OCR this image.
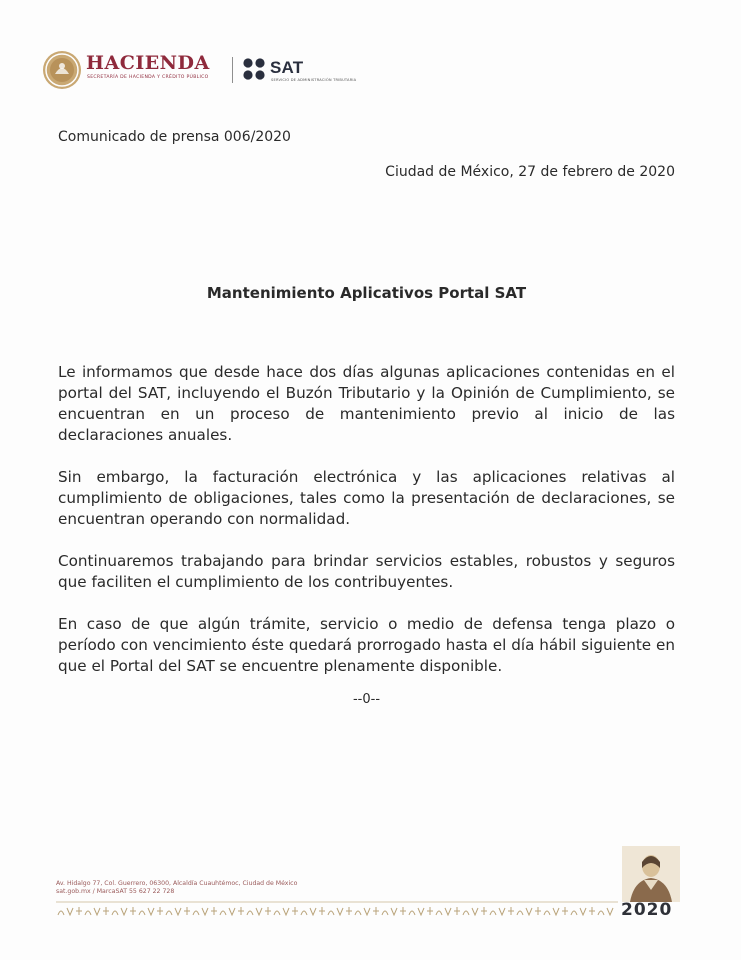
HACIENDA
SECRETARÍA DE HACIENDA Y CRÉDITO PÚBLICO
SAT
SERVICIO DE ADMINISTRACIÓN TRIBUTARIA
Comunicado de prensa 006/2020
Ciudad de México, 27 de febrero de 2020
Mantenimiento Aplicativos Portal SAT

Le informamos que desde hace dos días algunas aplicaciones contenidas en el portal del SAT, incluyendo el Buzón Tributario y la Opinión de Cumplimiento, se encuentran en un proceso de mantenimiento previo al inicio de las declaraciones anuales.

Sin embargo, la facturación electrónica y las aplicaciones relativas al cumplimiento de obligaciones, tales como la presentación de declaraciones, se encuentran operando con normalidad.

Continuaremos trabajando para brindar servicios estables, robustos y seguros que faciliten el cumplimiento de los contribuyentes.

En caso de que algún trámite, servicio o medio de defensa tenga plazo o período con vencimiento éste quedará prorrogado hasta el día hábil siguiente en que el Portal del SAT se encuentre plenamente disponible.

--0--
Av. Hidalgo 77, Col. Guerrero, 06300, Alcaldía Cuauhtémoc, Ciudad de México
sat.gob.mx / MarcaSAT 55 627 22 728
2020
